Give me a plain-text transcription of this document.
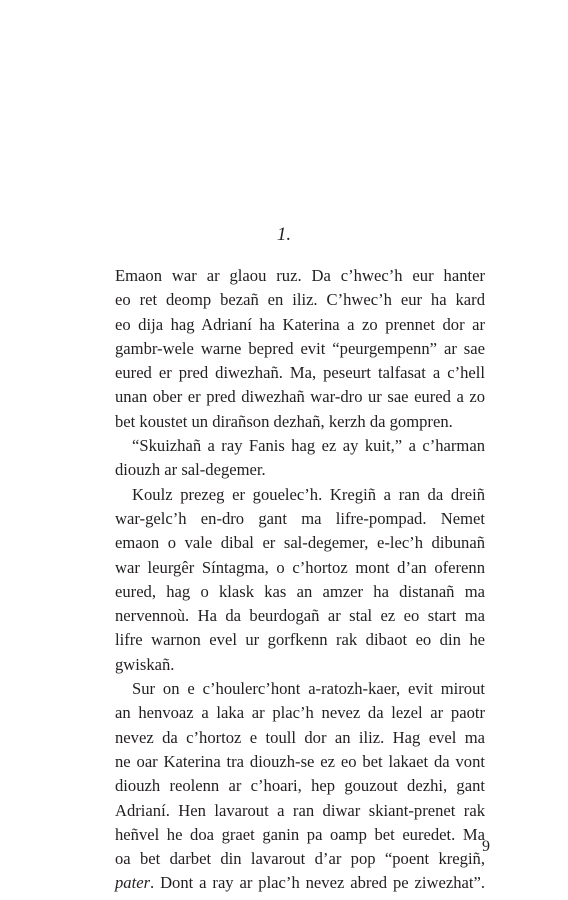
1.
Emaon war ar glaou ruz. Da c’hwec’h eur hanter
eo ret deomp bezañ en iliz. C’hwec’h eur ha kard
eo dija hag Adrianí ha Katerina a zo prennet dor ar
gambr-wele warne bepred evit “peurgempenn” ar sae
eured er pred diwezhañ. Ma, peseurt talfasat a c’hell
unan ober er pred diwezhañ war-dro ur sae eured a zo
bet koustet un dirañson dezhañ, kerzh da gompren.
“Skuizhañ a ray Fanis hag ez ay kuit,” a c’harman
diouzh ar sal-degemer.
Koulz prezeg er gouelec’h. Kregiñ a ran da dreiñ
war-gelc’h en-dro gant ma lifre-pompad. Nemet
emaon o vale dibal er sal-degemer, e-lec’h dibunañ
war leurgêr Síntagma, o c’hortoz mont d’an oferenn
eured, hag o klask kas an amzer ha distanañ ma
nervennoù. Ha da beurdogañ ar stal ez eo start ma
lifre warnon evel ur gorfkenn rak dibaot eo din he
gwiskañ.
Sur on e c’houlerc’hont a-ratozh-kaer, evit mirout
an henvoaz a laka ar plac’h nevez da lezel ar paotr
nevez da c’hortoz e toull dor an iliz. Hag evel ma
ne oar Katerina tra diouzh-se ez eo bet lakaet da vont
diouzh reolenn ar c’hoari, hep gouzout dezhi, gant
Adrianí. Hen lavarout a ran diwar skiant-prenet rak
heñvel he doa graet ganin pa oamp bet euredet. Ma
oa bet darbet din lavarout d’ar pop “poent kregiñ,
pater. Dont a ray ar plac’h nevez abred pe ziwezhat”.
9
